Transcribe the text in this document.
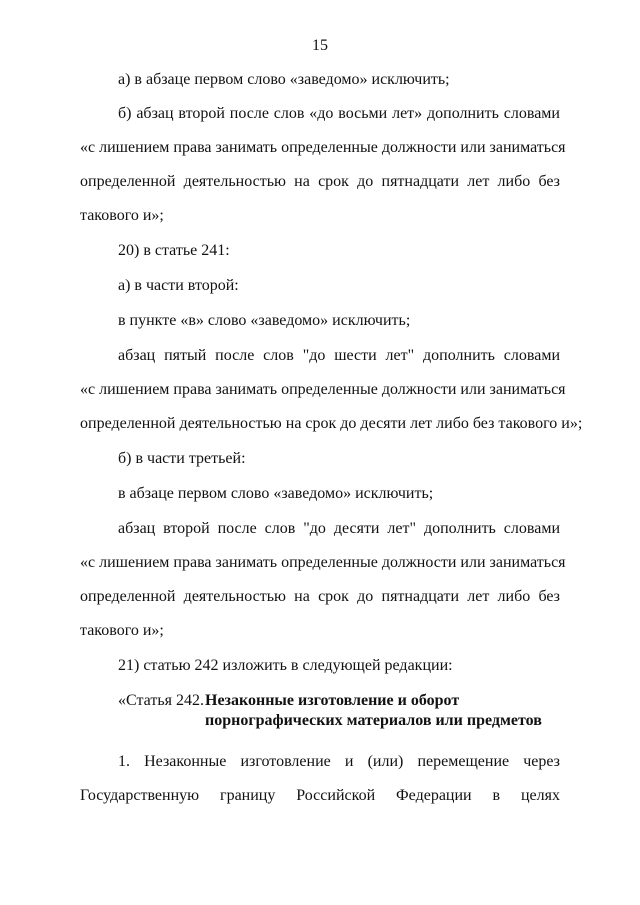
15
а) в абзаце первом слово «заведомо» исключить;
б) абзац второй после слов «до восьми лет» дополнить словами
«с лишением права занимать определенные должности или заниматься
определенной деятельностью на срок до пятнадцати лет либо без
такового и»;
20) в статье 241:
а) в части второй:
в пункте «в» слово «заведомо» исключить;
абзац пятый после слов "до шести лет" дополнить словами
«с лишением права занимать определенные должности или заниматься
определенной деятельностью на срок до десяти лет либо без такового и»;
б) в части третьей:
в абзаце первом слово «заведомо» исключить;
абзац второй после слов "до десяти лет" дополнить словами
«с лишением права занимать определенные должности или заниматься
определенной деятельностью на срок до пятнадцати лет либо без
такового и»;
21) статью 242 изложить в следующей редакции:
«Статья 242. Незаконные изготовление и оборот
порнографических материалов или предметов
1. Незаконные изготовление и (или) перемещение через
Государственную границу Российской Федерации в целях
